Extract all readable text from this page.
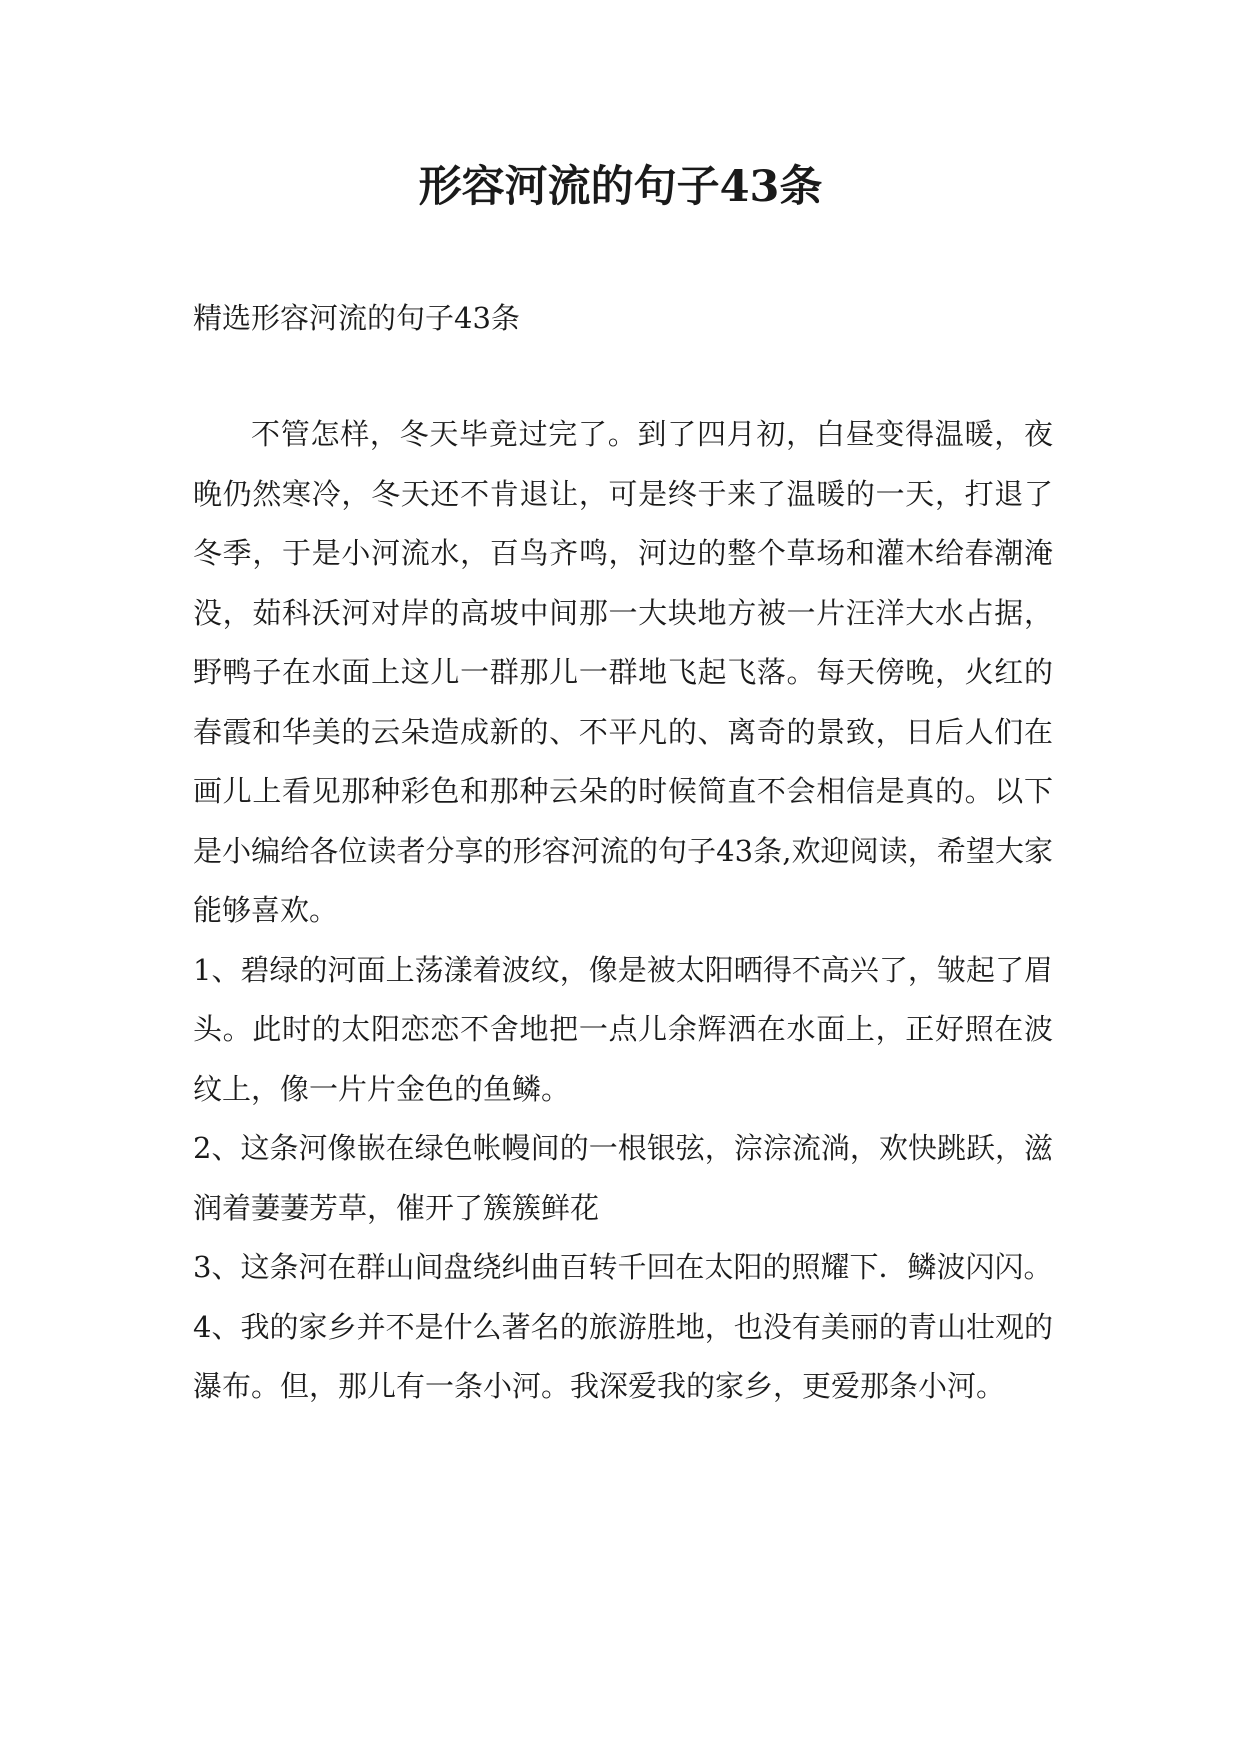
形容河流的句子43条
精选形容河流的句子43条

不管怎样，冬天毕竟过完了。到了四月初，白昼变得温暖，夜晚仍然寒冷，冬天还不肯退让，可是终于来了温暖的一天，打退了冬季，于是小河流水，百鸟齐鸣，河边的整个草场和灌木给春潮淹没，茹科沃河对岸的高坡中间那一大块地方被一片汪洋大水占据，野鸭子在水面上这儿一群那儿一群地飞起飞落。每天傍晚，火红的春霞和华美的云朵造成新的、不平凡的、离奇的景致，日后人们在画儿上看见那种彩色和那种云朵的时候简直不会相信是真的。以下是小编给各位读者分享的形容河流的句子43条,欢迎阅读，希望大家能够喜欢。

1、碧绿的河面上荡漾着波纹，像是被太阳晒得不高兴了，皱起了眉头。此时的太阳恋恋不舍地把一点儿余辉洒在水面上，正好照在波纹上，像一片片金色的鱼鳞。

2、这条河像嵌在绿色帐幔间的一根银弦，淙淙流淌，欢快跳跃，滋润着萋萋芳草，催开了簇簇鲜花

3、这条河在群山间盘绕纠曲百转千回在太阳的照耀下．鳞波闪闪。

4、我的家乡并不是什么著名的旅游胜地，也没有美丽的青山壮观的瀑布。但，那儿有一条小河。我深爱我的家乡，更爱那条小河。
